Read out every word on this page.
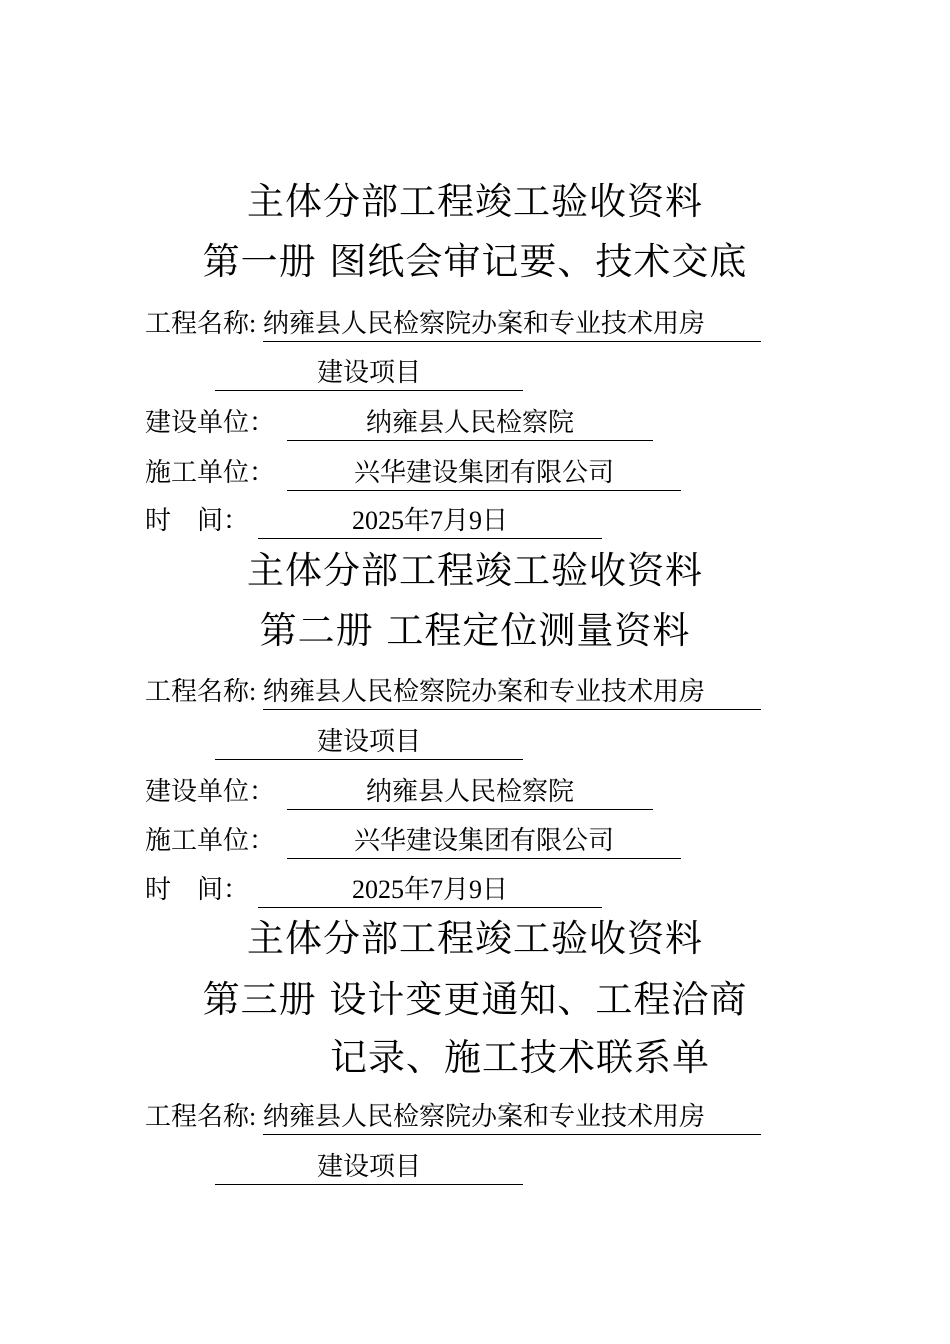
主体分部工程竣工验收资料
第一册 图纸会审记要、技术交底
工程名称: 纳雍县人民检察院办案和专业技术用房
建设项目
建设单位：	纳雍县人民检察院
施工单位：	兴华建设集团有限公司
时    间：	2025年7月9日
主体分部工程竣工验收资料
第二册 工程定位测量资料
工程名称: 纳雍县人民检察院办案和专业技术用房
建设项目
建设单位：	纳雍县人民检察院
施工单位：	兴华建设集团有限公司
时    间：	2025年7月9日
主体分部工程竣工验收资料
第三册 设计变更通知、工程洽商
记录、施工技术联系单
工程名称: 纳雍县人民检察院办案和专业技术用房
建设项目
